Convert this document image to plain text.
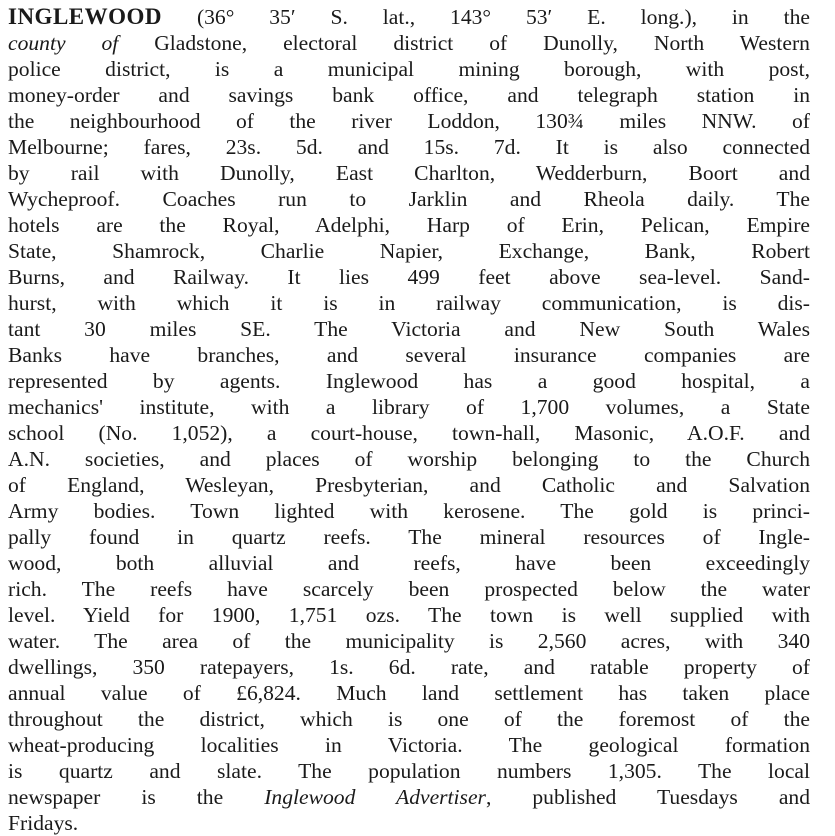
INGLEWOOD (36° 35′ S. lat., 143° 53′ E. long.), in the
county of Gladstone, electoral district of Dunolly, North Western
police district, is a municipal mining borough, with post,
money-order and savings bank office, and telegraph station in
the neighbourhood of the river Loddon, 130¾ miles NNW. of
Melbourne; fares, 23s. 5d. and 15s. 7d. It is also connected
by rail with Dunolly, East Charlton, Wedderburn, Boort and
Wycheproof. Coaches run to Jarklin and Rheola daily. The
hotels are the Royal, Adelphi, Harp of Erin, Pelican, Empire
State, Shamrock, Charlie Napier, Exchange, Bank, Robert
Burns, and Railway. It lies 499 feet above sea-level. Sand-
hurst, with which it is in railway communication, is dis-
tant 30 miles SE. The Victoria and New South Wales
Banks have branches, and several insurance companies are
represented by agents. Inglewood has a good hospital, a
mechanics' institute, with a library of 1,700 volumes, a State
school (No. 1,052), a court-house, town-hall, Masonic, A.O.F. and
A.N. societies, and places of worship belonging to the Church
of England, Wesleyan, Presbyterian, and Catholic and Salvation
Army bodies. Town lighted with kerosene. The gold is princi-
pally found in quartz reefs. The mineral resources of Ingle-
wood, both alluvial and reefs, have been exceedingly
rich. The reefs have scarcely been prospected below the water
level. Yield for 1900, 1,751 ozs. The town is well supplied with
water. The area of the municipality is 2,560 acres, with 340
dwellings, 350 ratepayers, 1s. 6d. rate, and ratable property of
annual value of £6,824. Much land settlement has taken place
throughout the district, which is one of the foremost of the
wheat-producing localities in Victoria. The geological formation
is quartz and slate. The population numbers 1,305. The local
newspaper is the Inglewood Advertiser, published Tuesdays and
Fridays.
